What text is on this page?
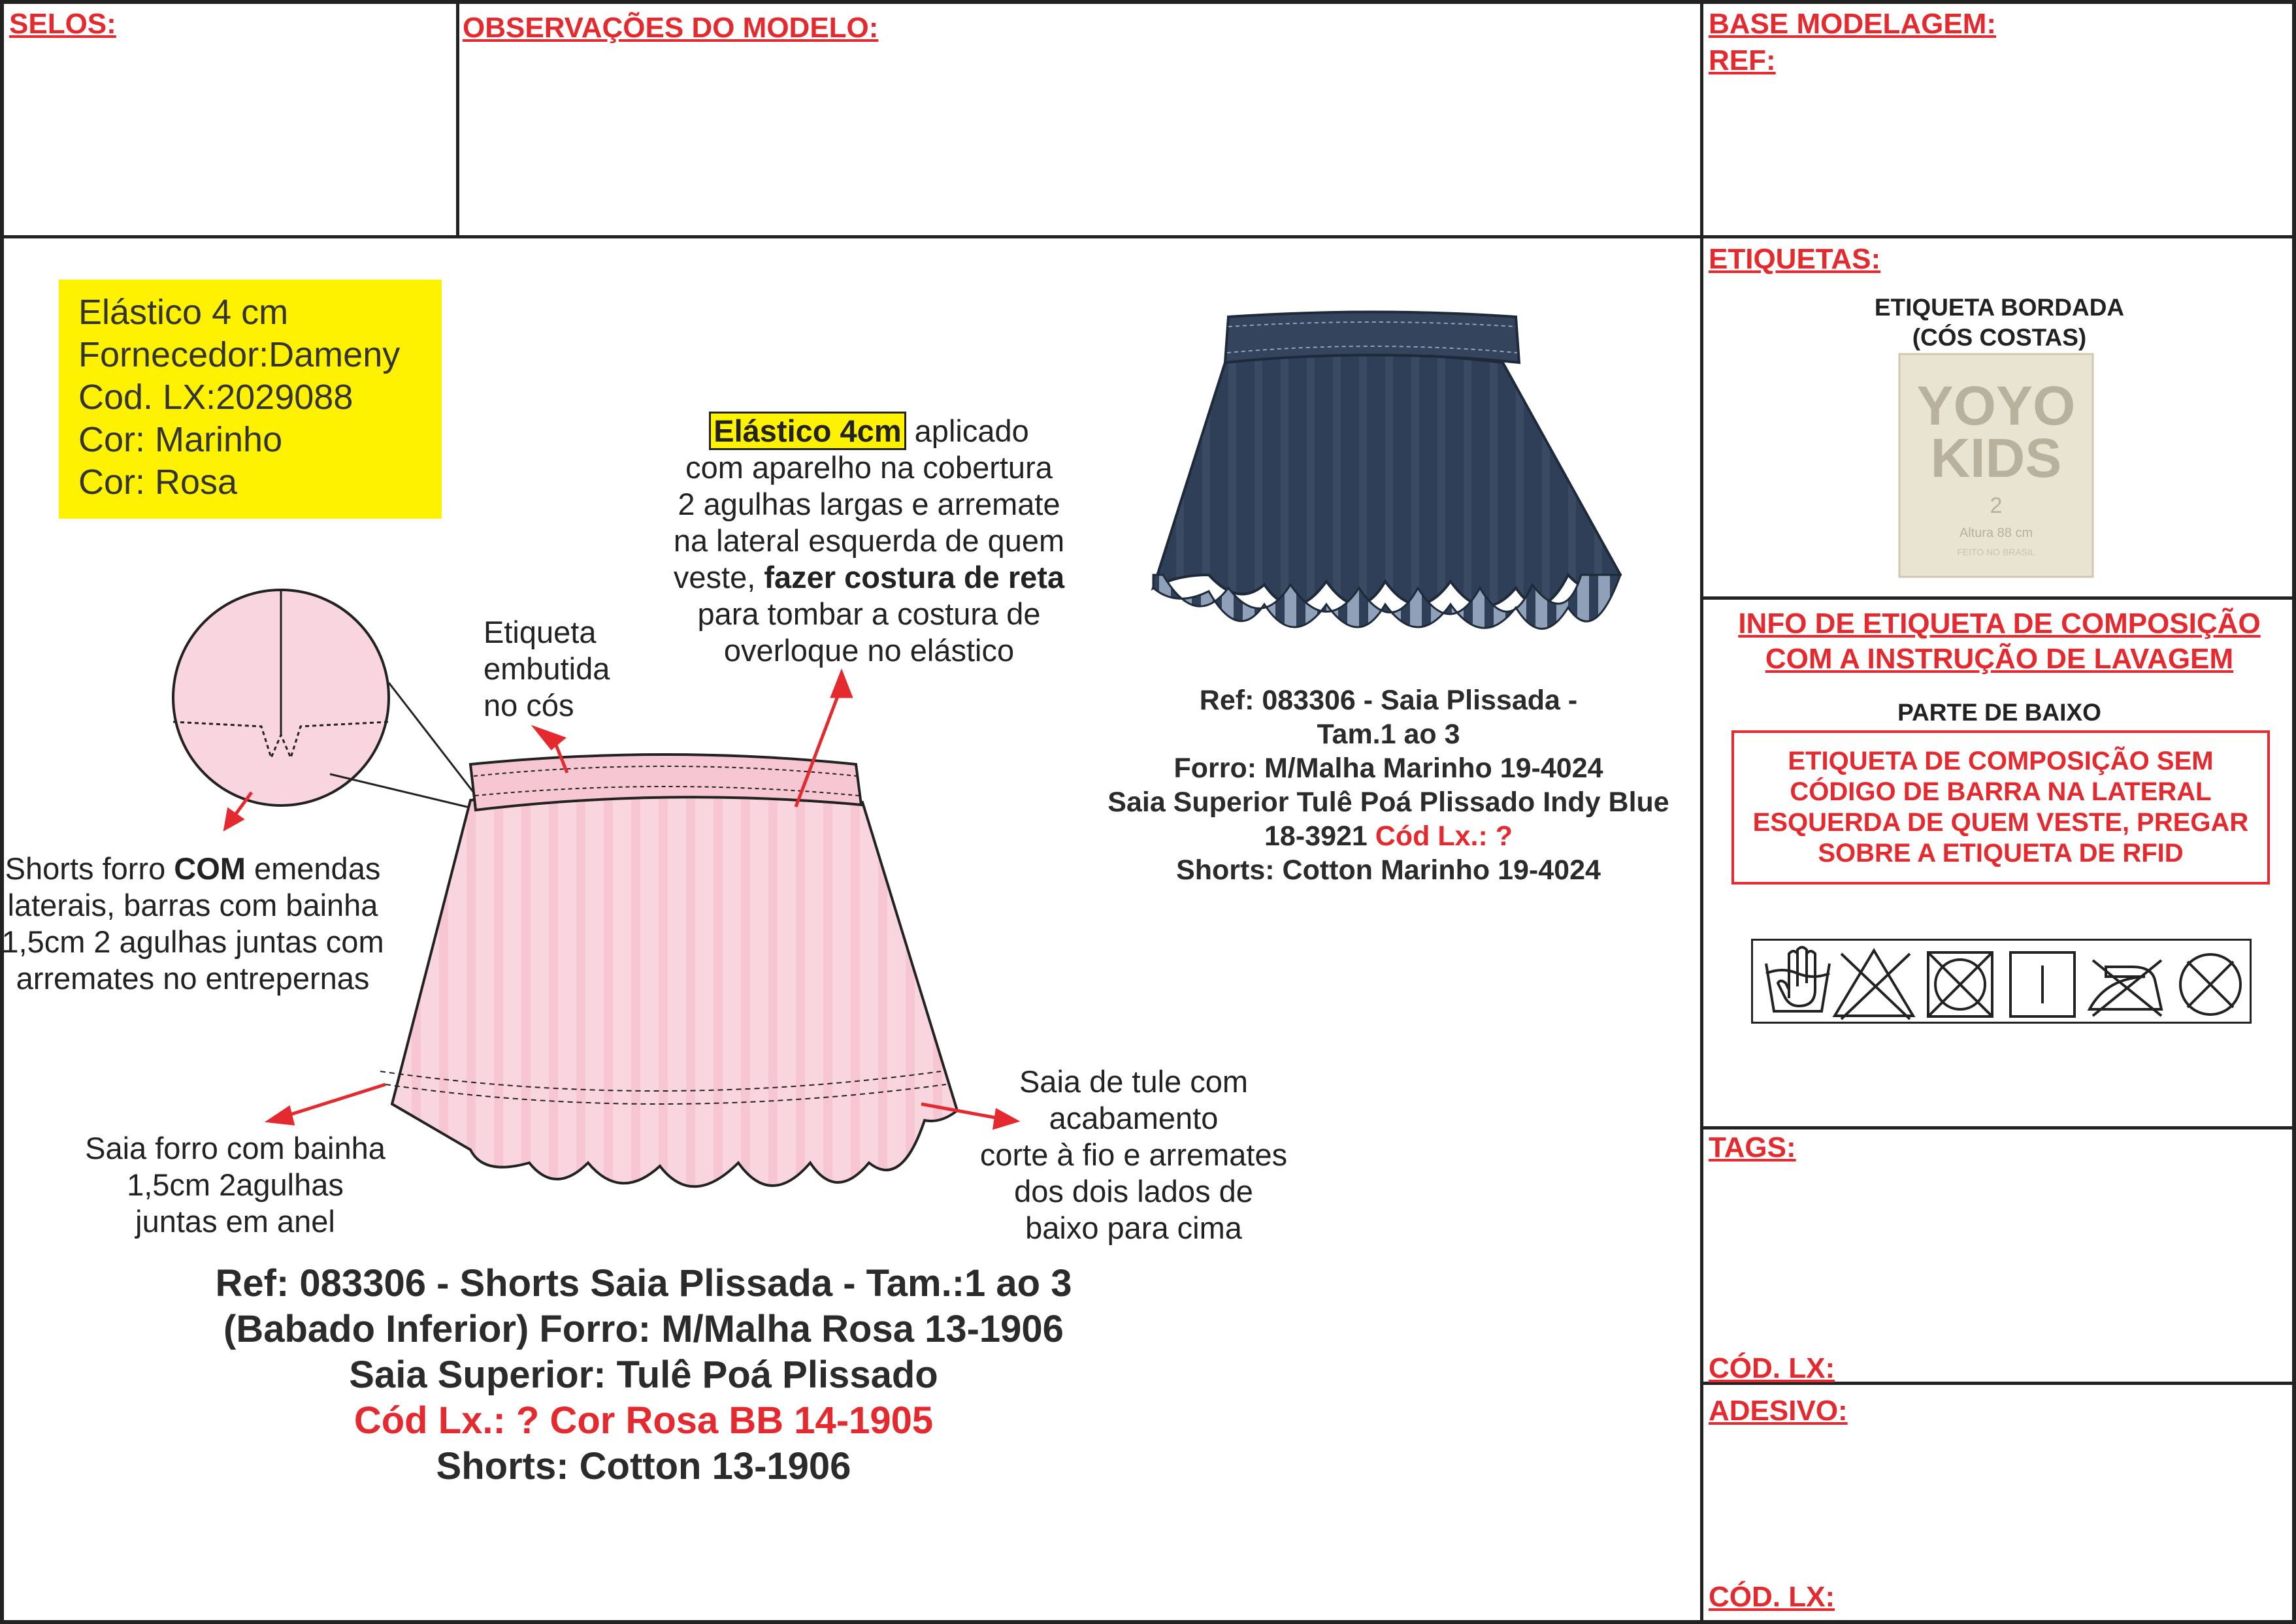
SELOS:	OBSERVAÇÕES DO MODELO:	BASE MODELAGEM:
REF:
Elástico 4 cm
Fornecedor:Dameny
Cod. LX:2029088
Cor: Marinho
Cor: Rosa
Elástico 4cm aplicado
com aparelho na cobertura
2 agulhas largas e arremate
na lateral esquerda de quem
veste, fazer costura de reta
para tombar a costura de
overloque no elástico
Etiqueta
embutida
no cós
Shorts forro COM emendas
laterais, barras com bainha
1,5cm 2 agulhas juntas com
arremates no entrepernas
Saia forro com bainha
1,5cm 2agulhas
juntas em anel
Saia de tule com
acabamento
corte à fio e arremates
dos dois lados de
baixo para cima
Ref: 083306 - Shorts Saia Plissada - Tam.:1 ao 3
(Babado Inferior) Forro: M/Malha Rosa 13-1906
Saia Superior: Tulê Poá Plissado
Cód Lx.: ? Cor Rosa BB 14-1905
Shorts: Cotton 13-1906
Ref: 083306 - Saia Plissada -
Tam.1 ao 3
Forro: M/Malha Marinho 19-4024
Saia Superior Tulê Poá Plissado Indy Blue
18-3921 Cód Lx.: ?
Shorts: Cotton Marinho 19-4024
ETIQUETAS:
ETIQUETA BORDADA
(CÓS COSTAS)
YOYO
KIDS
2
Altura 88 cm
FEITO NO BRASIL
INFO DE ETIQUETA DE COMPOSIÇÃO
COM A INSTRUÇÃO DE LAVAGEM
PARTE DE BAIXO
ETIQUETA DE COMPOSIÇÃO SEM
CÓDIGO DE BARRA NA LATERAL
ESQUERDA DE QUEM VESTE, PREGAR
SOBRE A ETIQUETA DE RFID
TAGS:
CÓD. LX:
ADESIVO:
CÓD. LX:
